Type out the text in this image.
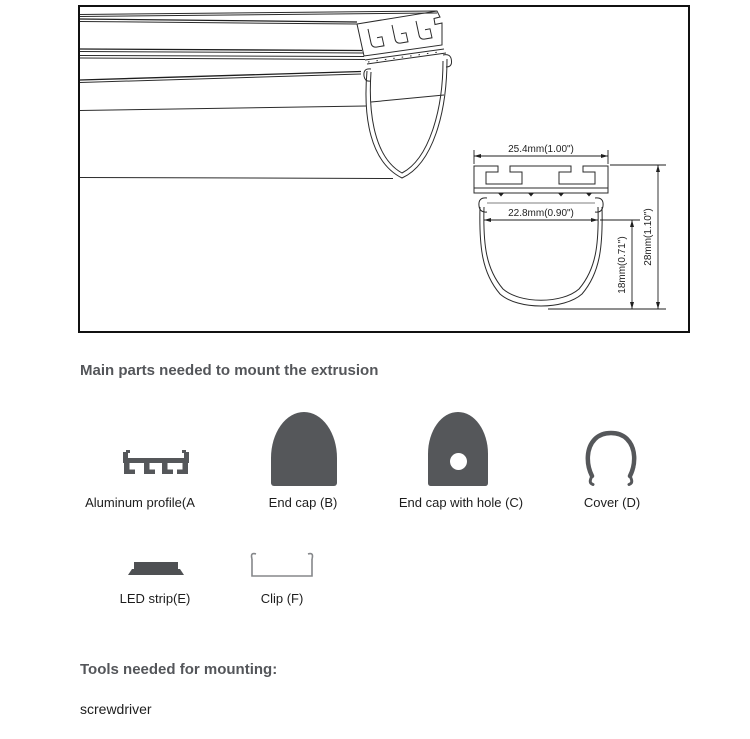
25.4mm(1.00")
22.8mm(0.90")
18mm(0.71") 28mm(1.10")
Main parts needed to mount the extrusion
Aluminum profile(A	End cap (B)	End cap with hole (C)	Cover (D)
LED strip(E)	Clip (F)
Tools needed for mounting:
screwdriver
